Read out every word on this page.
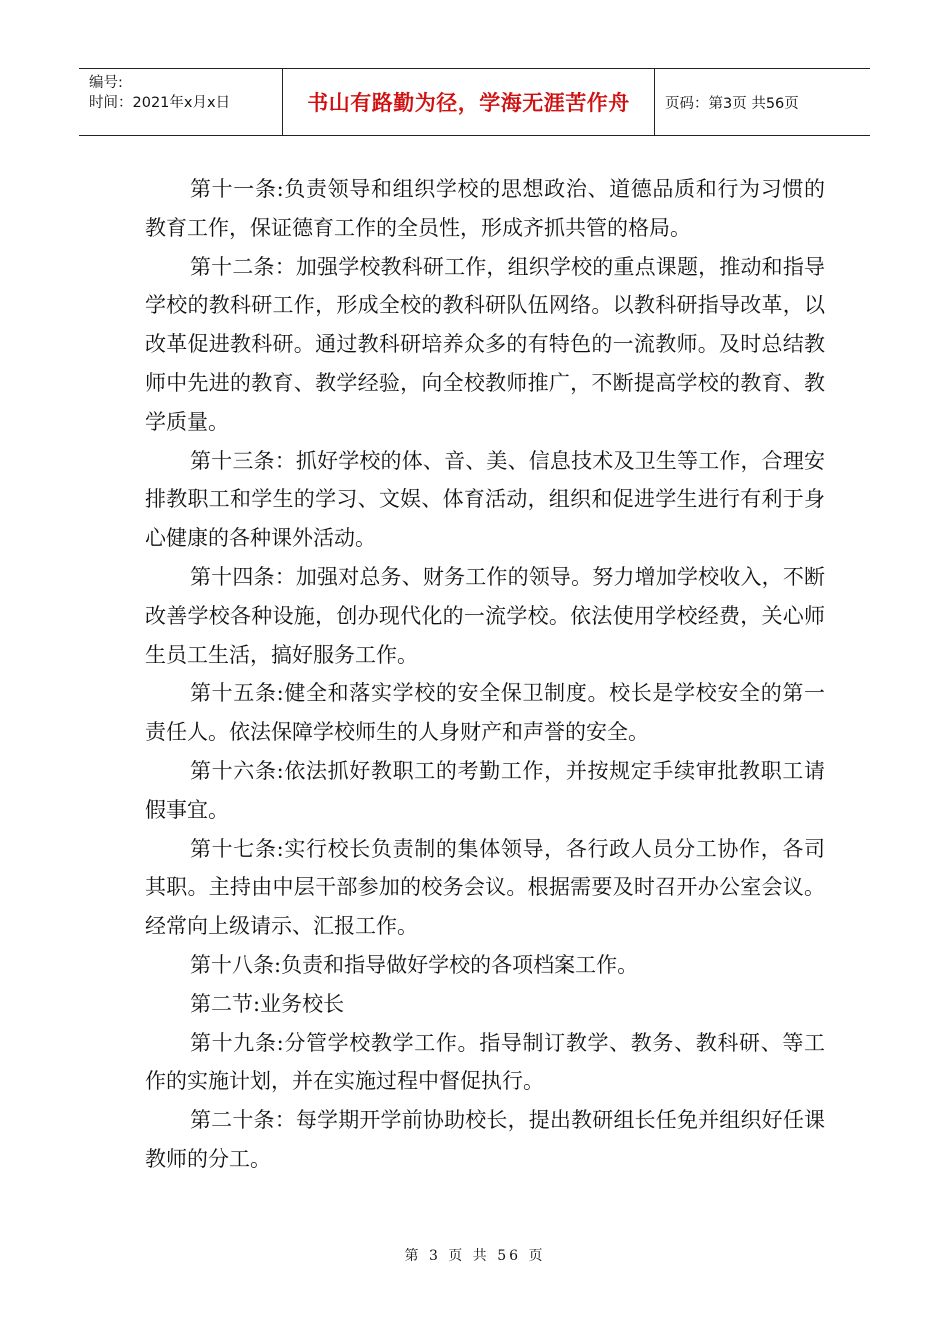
编号:
时间：2021年x月x日	书山有路勤为径，学海无涯苦作舟	页码：第3页 共56页

第十一条:负责领导和组织学校的思想政治、道德品质和行为习惯的教育工作，保证德育工作的全员性，形成齐抓共管的格局。

第十二条：加强学校教科研工作，组织学校的重点课题，推动和指导学校的教科研工作，形成全校的教科研队伍网络。以教科研指导改革，以改革促进教科研。通过教科研培养众多的有特色的一流教师。及时总结教师中先进的教育、教学经验，向全校教师推广，不断提高学校的教育、教学质量。

第十三条：抓好学校的体、音、美、信息技术及卫生等工作，合理安排教职工和学生的学习、文娱、体育活动，组织和促进学生进行有利于身心健康的各种课外活动。

第十四条：加强对总务、财务工作的领导。努力增加学校收入，不断改善学校各种设施，创办现代化的一流学校。依法使用学校经费，关心师生员工生活，搞好服务工作。

第十五条:健全和落实学校的安全保卫制度。校长是学校安全的第一责任人。依法保障学校师生的人身财产和声誉的安全。

第十六条:依法抓好教职工的考勤工作，并按规定手续审批教职工请假事宜。

第十七条:实行校长负责制的集体领导，各行政人员分工协作，各司其职。主持由中层干部参加的校务会议。根据需要及时召开办公室会议。经常向上级请示、汇报工作。

第十八条:负责和指导做好学校的各项档案工作。

第二节:业务校长

第十九条:分管学校教学工作。指导制订教学、教务、教科研、等工作的实施计划，并在实施过程中督促执行。

第二十条：每学期开学前协助校长，提出教研组长任免并组织好任课教师的分工。

第 3 页 共 56 页
